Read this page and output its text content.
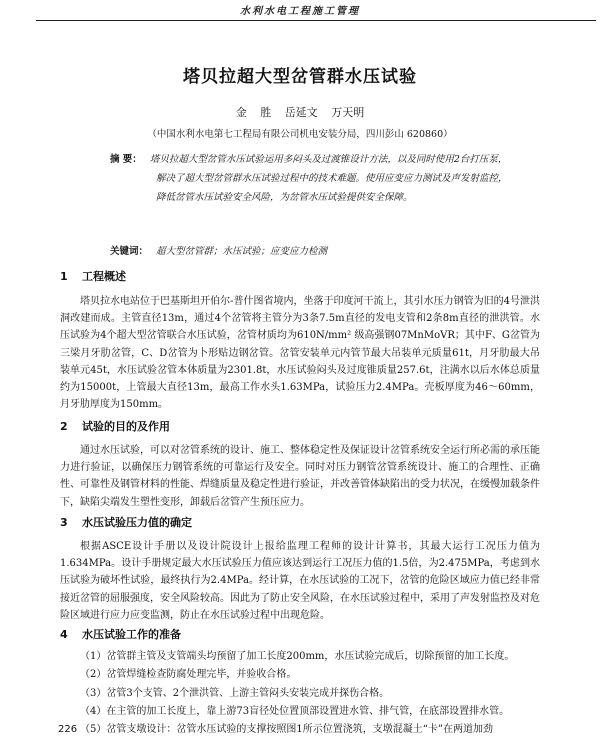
水利水电工程施工管理
塔贝拉超大型岔管群水压试验
金 胜 岳延文 万天明
（中国水利水电第七工程局有限公司机电安装分局，四川彭山 620860）
摘 要： 塔贝拉超大型岔管水压试验运用多闷头及过渡锥设计方法，以及同时使用2台打压泵，解决了超大型岔管群水压试验过程中的技术难题。使用应变应力测试及声发射监控，降低岔管水压试验安全风险，为岔管水压试验提供安全保障。
关键词： 超大型岔管群；水压试验；应变应力检测
1 工程概述
塔贝拉水电站位于巴基斯坦开伯尔-普什图省境内，坐落于印度河干流上，其引水压力钢管为旧的4号泄洪洞改建而成。主管直径13m，通过4个岔管将主管分为3条7.5m直径的发电支管和2条8m直径的泄洪管。水压试验为4个超大型岔管联合水压试验，岔管材质均为610N/mm² 级高强钢07MnMoVR；其中F、G岔管为三梁月牙肋岔管，C、D岔管为卜形贴边钢岔管。岔管安装单元内管节最大吊装单元质量61t，月牙肋最大吊装单元45t，水压试验岔管本体质量为2301.8t，水压试验闷头及过度锥质量257.6t，注满水以后水体总质量约为15000t，上管最大直径13m，最高工作水头1.63MPa，试验压力2.4MPa。壳板厚度为46～60mm，月牙肋厚度为150mm。
2 试验的目的及作用
通过水压试验，可以对岔管系统的设计、施工、整体稳定性及保证设计岔管系统安全运行所必需的承压能力进行验证，以确保压力钢管系统的可靠运行及安全。同时对压力钢管岔管系统设计、施工的合理性、正确性、可靠性及钢管材料的性能、焊缝质量及稳定性进行验证，并改善管体缺陷出的受力状况，在缓慢加载条件下，缺陷尖端发生塑性变形，卸载后岔管产生预压应力。
3 水压试验压力值的确定
根据ASCE设计手册以及设计院设计上报给监理工程师的设计计算书，其最大运行工况压力值为1.634MPa。设计手册规定最大水压试验压力值应该达到运行工况压力值的1.5倍，为2.475MPa，考虑到水压试验为破坏性试验，最终执行为2.4MPa。经计算，在水压试验的工况下，岔管的危险区域应力值已经非常接近岔管的屈服强度，安全风险较高。因此为了防止安全风险，在水压试验过程中，采用了声发射监控及对危险区域进行应力应变监测，防止在水压试验过程中出现危险。
4 水压试验工作的准备
（1）岔管群主管及支管端头均预留了加工长度200mm，水压试验完成后，切除预留的加工长度。
（2）岔管焊缝检查防腐处理完毕，并验收合格。
（3）岔管3个支管、2个泄洪管、上游主管闷头安装完成并探伤合格。
（4）在主管的加工长度上，靠上游73盲径处位置顶部设置进水管、排气管，在底部设置排水管。
（5）岔管支墩设计：岔管水压试验的支撑按照图1所示位置浇筑，支墩混凝土“卡”在两道加劲
226
